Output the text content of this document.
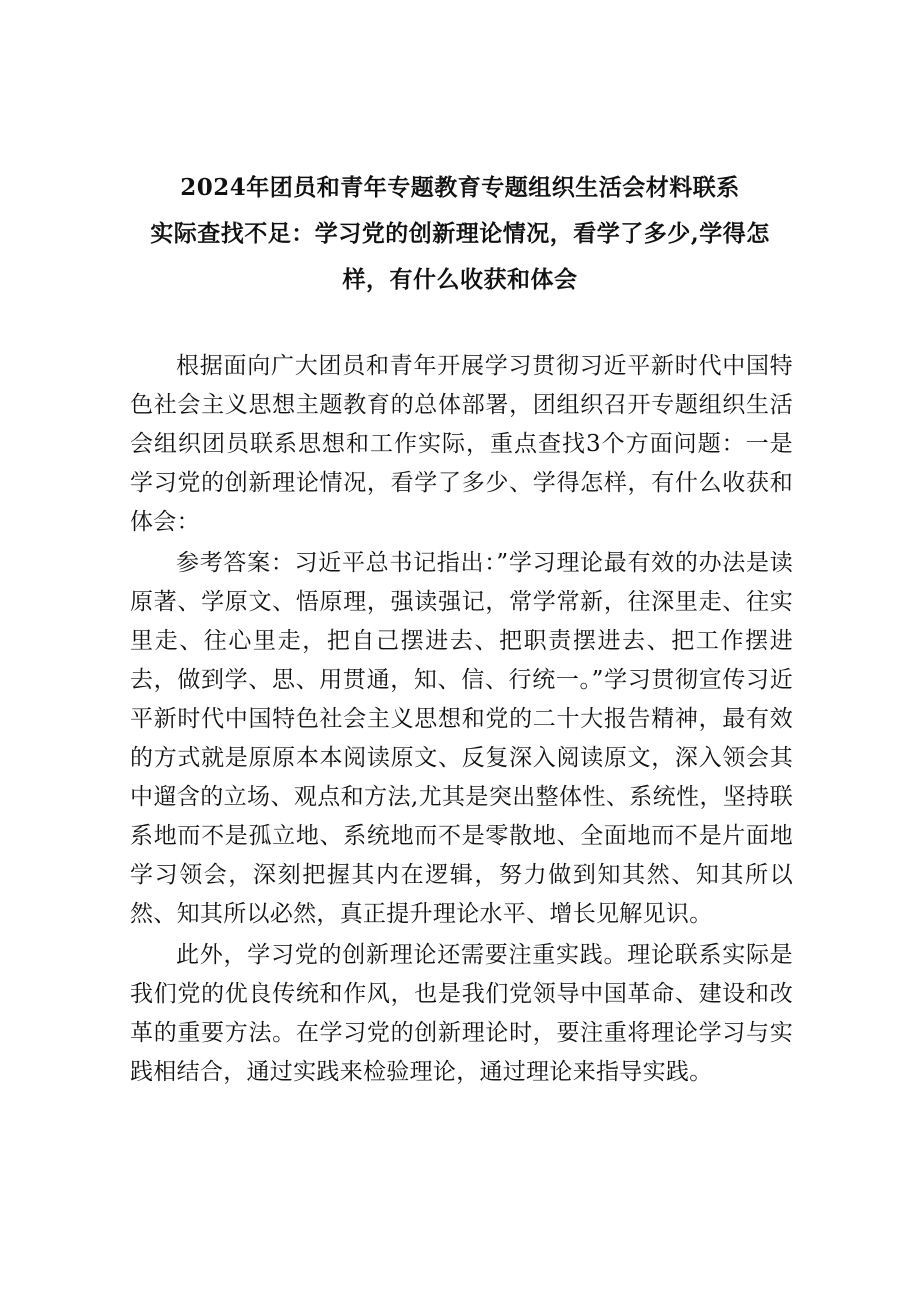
2024年团员和青年专题教育专题组织生活会材料联系
实际查找不足：学习党的创新理论情况，看学了多少,学得怎
样，有什么收获和体会

根据面向广大团员和青年开展学习贯彻习近平新时代中国特色社会主义思想主题教育的总体部署，团组织召开专题组织生活会组织团员联系思想和工作实际，重点查找3个方面问题：一是学习党的创新理论情况，看学了多少、学得怎样，有什么收获和体会：

参考答案：习近平总书记指出：”学习理论最有效的办法是读原著、学原文、悟原理，强读强记，常学常新，往深里走、往实里走、往心里走，把自己摆进去、把职责摆进去、把工作摆进去，做到学、思、用贯通，知、信、行统一。”学习贯彻宣传习近平新时代中国特色社会主义思想和党的二十大报告精神，最有效的方式就是原原本本阅读原文、反复深入阅读原文，深入领会其中遛含的立场、观点和方法,尤其是突出整体性、系统性，坚持联系地而不是孤立地、系统地而不是零散地、全面地而不是片面地学习领会，深刻把握其内在逻辑，努力做到知其然、知其所以然、知其所以必然，真正提升理论水平、增长见解见识。

此外，学习党的创新理论还需要注重实践。理论联系实际是我们党的优良传统和作风，也是我们党领导中国革命、建设和改革的重要方法。在学习党的创新理论时，要注重将理论学习与实践相结合，通过实践来检验理论，通过理论来指导实践。
